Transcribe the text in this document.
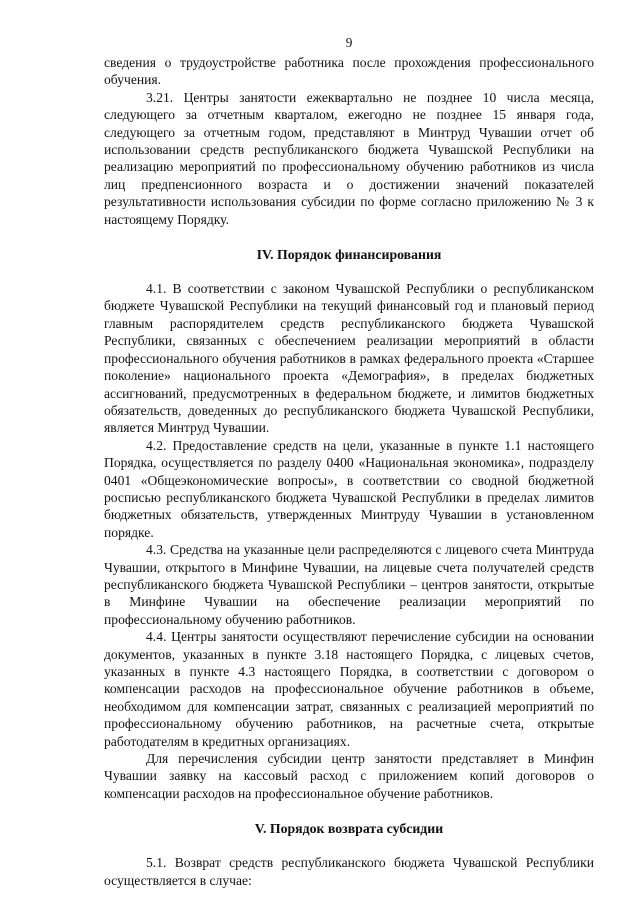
9

сведения о трудоустройстве работника после прохождения профессионального обучения.

3.21. Центры занятости ежеквартально не позднее 10 числа месяца, следующего за отчетным кварталом, ежегодно не позднее 15 января года, следующего за отчетным годом, представляют в Минтруд Чувашии отчет об использовании средств республиканского бюджета Чувашской Республики на реализацию мероприятий по профессиональному обучению работников из числа лиц предпенсионного возраста и о достижении значений показателей результативности использования субсидии по форме согласно приложению № 3 к настоящему Порядку.

IV. Порядок финансирования

4.1. В соответствии с законом Чувашской Республики о республиканском бюджете Чувашской Республики на текущий финансовый год и плановый период главным распорядителем средств республиканского бюджета Чувашской Республики, связанных с обеспечением реализации мероприятий в области профессионального обучения работников в рамках федерального проекта «Старшее поколение» национального проекта «Демография», в пределах бюджетных ассигнований, предусмотренных в федеральном бюджете, и лимитов бюджетных обязательств, доведенных до республиканского бюджета Чувашской Республики, является Минтруд Чувашии.

4.2. Предоставление средств на цели, указанные в пункте 1.1 настоящего Порядка, осуществляется по разделу 0400 «Национальная экономика», подразделу 0401 «Общеэкономические вопросы», в соответствии со сводной бюджетной росписью республиканского бюджета Чувашской Республики в пределах лимитов бюджетных обязательств, утвержденных Минтруду Чувашии в установленном порядке.

4.3. Средства на указанные цели распределяются с лицевого счета Минтруда Чувашии, открытого в Минфине Чувашии, на лицевые счета получателей средств республиканского бюджета Чувашской Республики – центров занятости, открытые в Минфине Чувашии на обеспечение реализации мероприятий по профессиональному обучению работников.

4.4. Центры занятости осуществляют перечисление субсидии на основании документов, указанных в пункте 3.18 настоящего Порядка, с лицевых счетов, указанных в пункте 4.3 настоящего Порядка, в соответствии с договором о компенсации расходов на профессиональное обучение работников в объеме, необходимом для компенсации затрат, связанных с реализацией мероприятий по профессиональному обучению работников, на расчетные счета, открытые работодателям в кредитных организациях.

Для перечисления субсидии центр занятости представляет в Минфин Чувашии заявку на кассовый расход с приложением копий договоров о компенсации расходов на профессиональное обучение работников.

V. Порядок возврата субсидии

5.1. Возврат средств республиканского бюджета Чувашской Республики осуществляется в случае:
